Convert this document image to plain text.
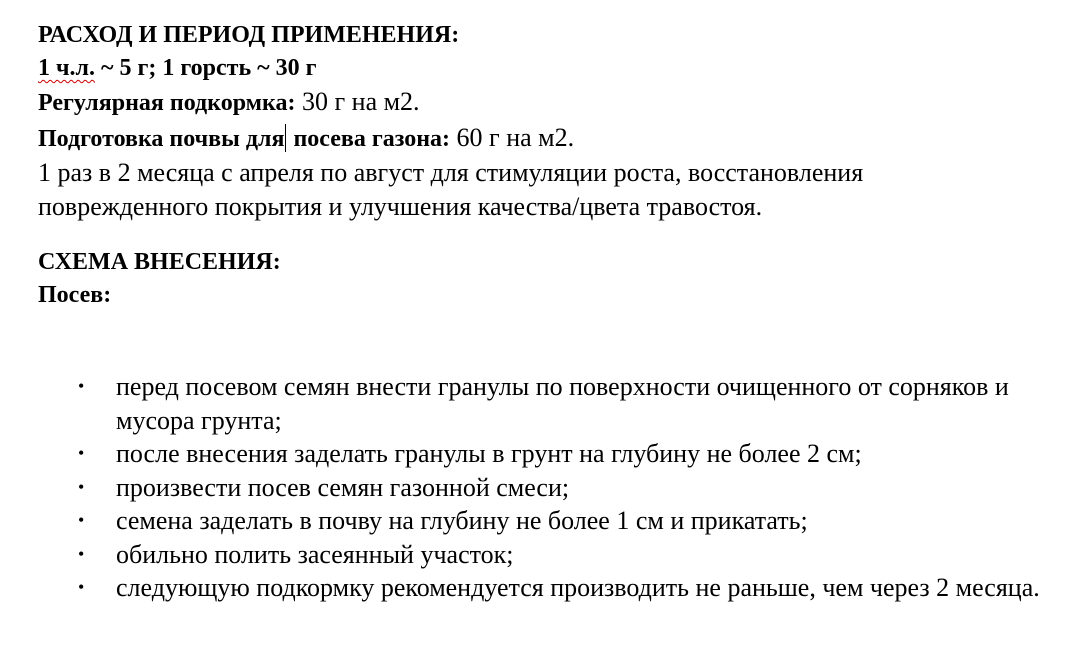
РАСХОД И ПЕРИОД ПРИМЕНЕНИЯ:
1 ч.л. ~ 5 г; 1 горсть ~ 30 г
Регулярная подкормка: 30 г на м2.
Подготовка почвы для посева газона: 60 г на м2.
1 раз в 2 месяца с апреля по август для стимуляции роста, восстановления поврежденного покрытия и улучшения качества/цвета травостоя.
СХЕМА ВНЕСЕНИЯ:
Посев:
• перед посевом семян внести гранулы по поверхности очищенного от сорняков и мусора грунта;
• после внесения заделать гранулы в грунт на глубину не более 2 см;
• произвести посев семян газонной смеси;
• семена заделать в почву на глубину не более 1 см и прикатать;
• обильно полить засеянный участок;
• следующую подкормку рекомендуется производить не раньше, чем через 2 месяца.
